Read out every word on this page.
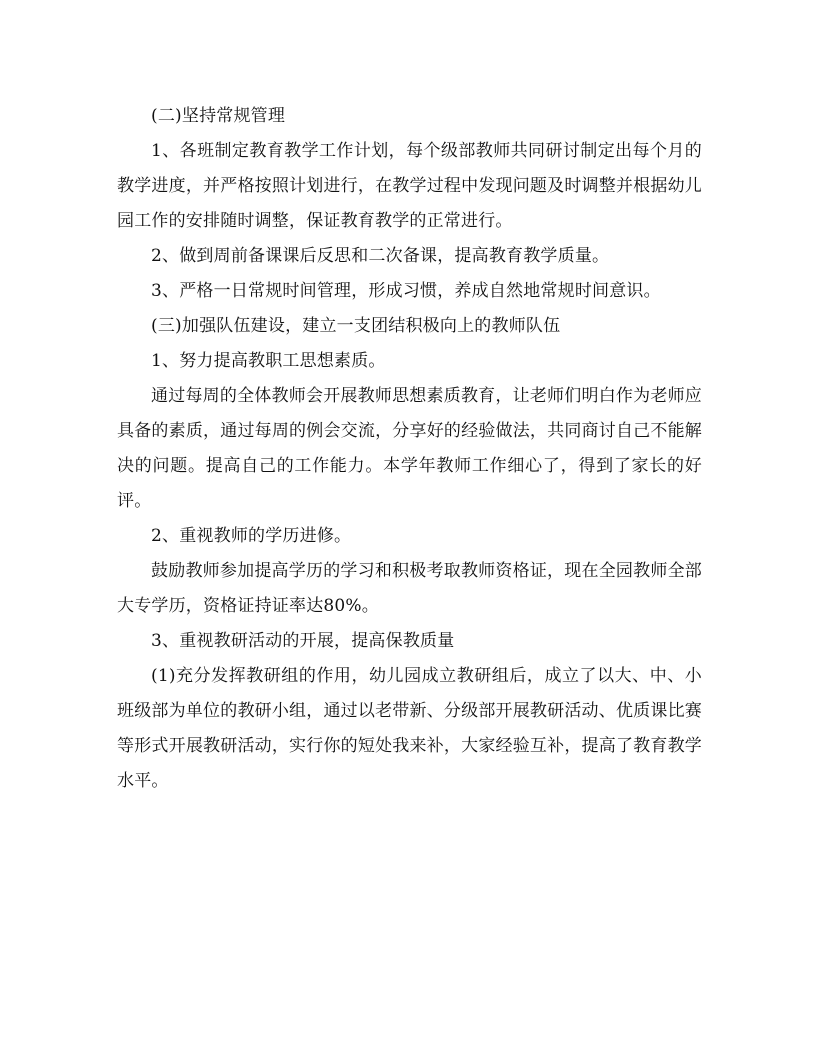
(二)坚持常规管理

1、各班制定教育教学工作计划，每个级部教师共同研讨制定出每个月的教学进度，并严格按照计划进行，在教学过程中发现问题及时调整并根据幼儿园工作的安排随时调整，保证教育教学的正常进行。

2、做到周前备课课后反思和二次备课，提高教育教学质量。

3、严格一日常规时间管理，形成习惯，养成自然地常规时间意识。

(三)加强队伍建设，建立一支团结积极向上的教师队伍

1、努力提高教职工思想素质。

通过每周的全体教师会开展教师思想素质教育，让老师们明白作为老师应具备的素质，通过每周的例会交流，分享好的经验做法，共同商讨自己不能解决的问题。提高自己的工作能力。本学年教师工作细心了，得到了家长的好评。

2、重视教师的学历进修。

鼓励教师参加提高学历的学习和积极考取教师资格证，现在全园教师全部大专学历，资格证持证率达80%。

3、重视教研活动的开展，提高保教质量

(1)充分发挥教研组的作用，幼儿园成立教研组后，成立了以大、中、小班级部为单位的教研小组，通过以老带新、分级部开展教研活动、优质课比赛等形式开展教研活动，实行你的短处我来补，大家经验互补，提高了教育教学水平。
